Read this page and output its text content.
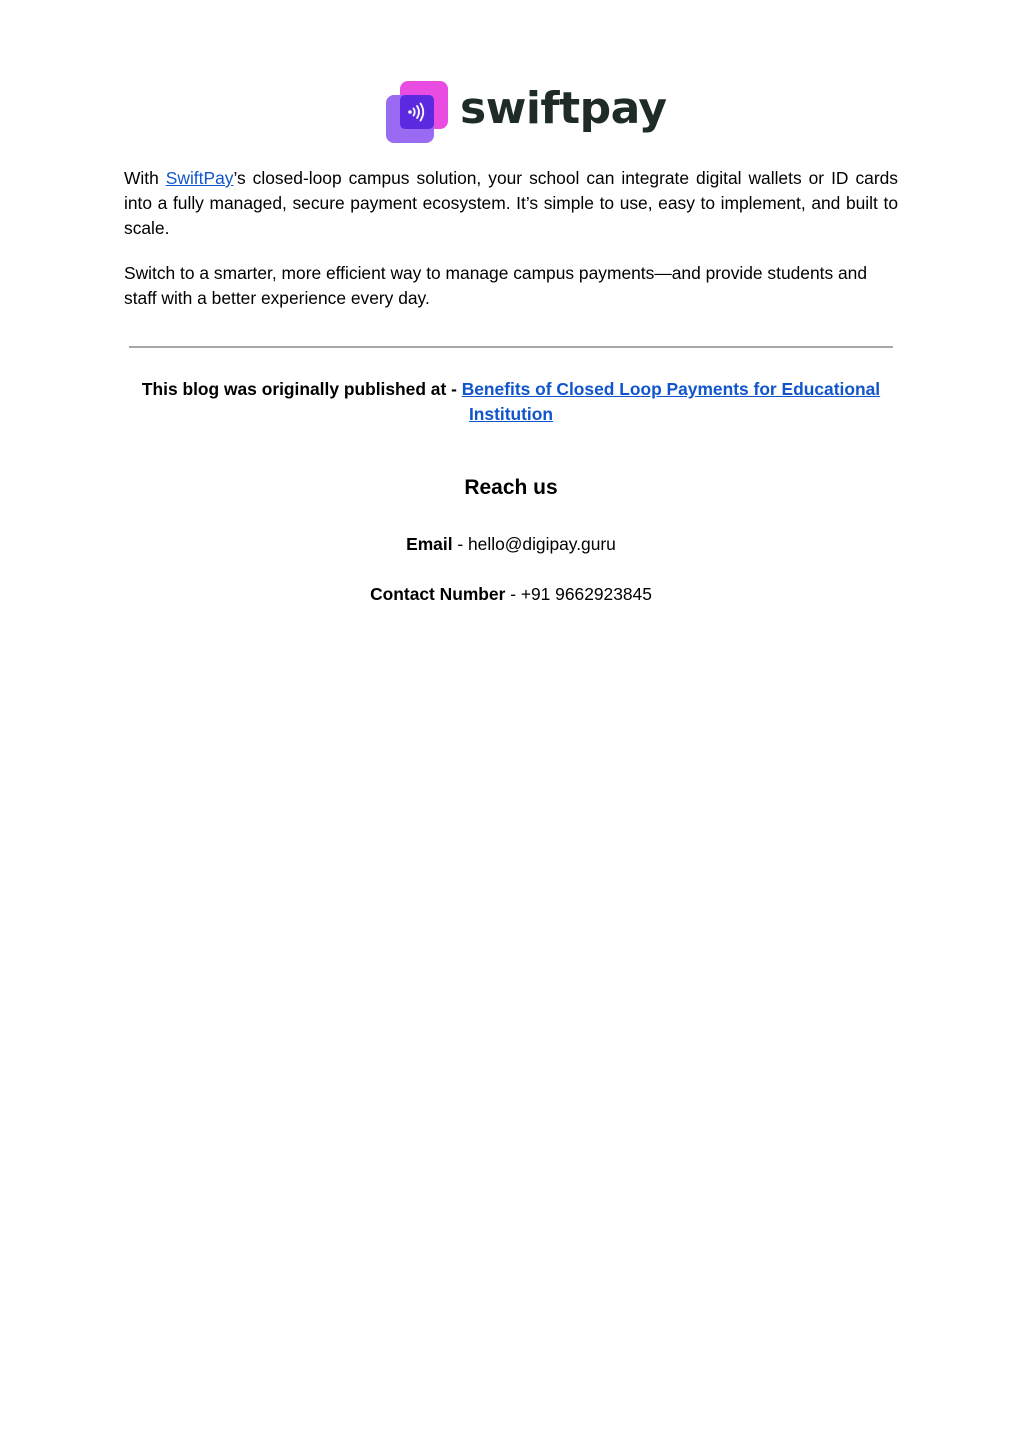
swiftpay

With SwiftPay’s closed-loop campus solution, your school can integrate digital wallets or ID cards into a fully managed, secure payment ecosystem. It’s simple to use, easy to implement, and built to scale.

Switch to a smarter, more efficient way to manage campus payments—and provide students and staff with a better experience every day.

This blog was originally published at - Benefits of Closed Loop Payments for Educational Institution

Reach us

Email - hello@digipay.guru

Contact Number - +91 9662923845
